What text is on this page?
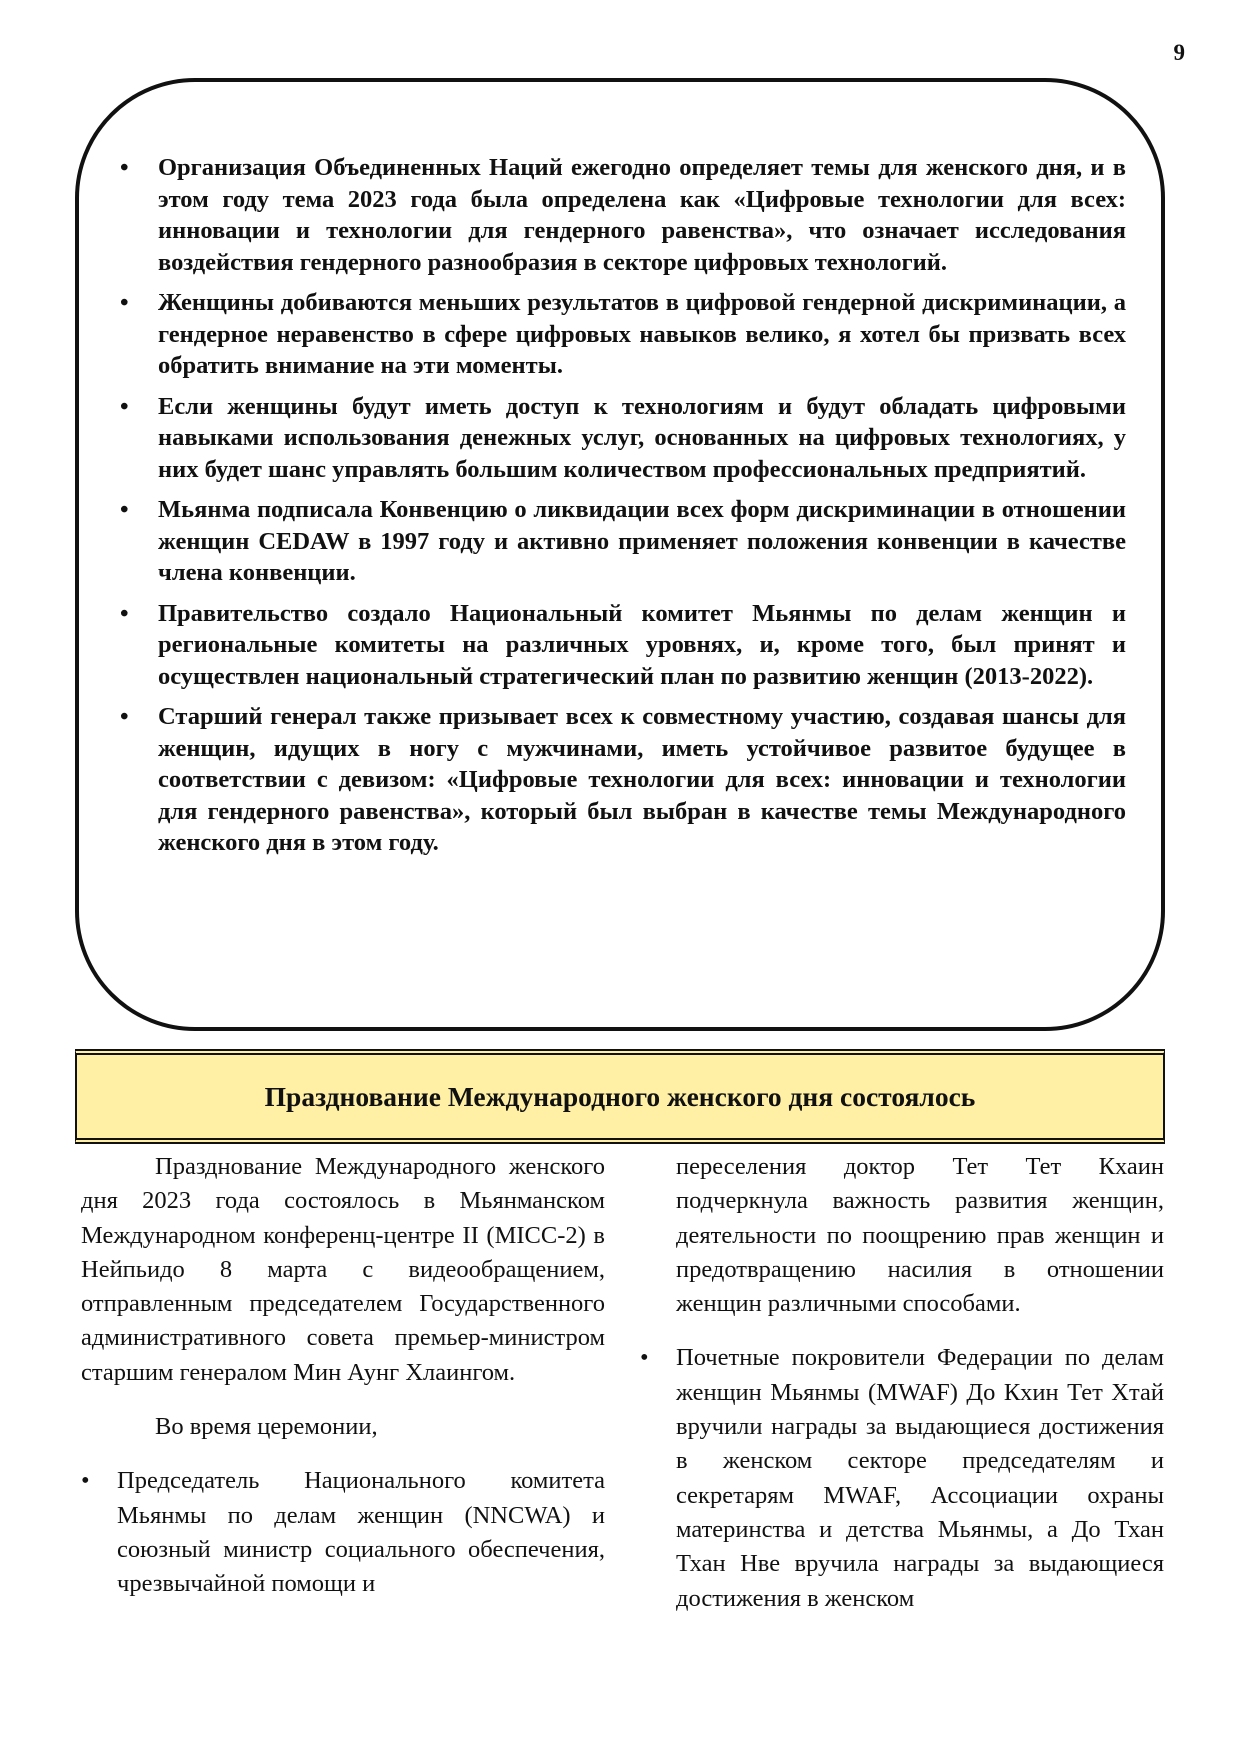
9
• Организация Объединенных Наций ежегодно определяет темы для женского дня, и в этом году тема 2023 года была определена как «Цифровые технологии для всех: инновации и технологии для гендерного равенства», что означает исследования воздействия гендерного разнообразия в секторе цифровых технологий.
• Женщины добиваются меньших результатов в цифровой гендерной дискриминации, а гендерное неравенство в сфере цифровых навыков велико, я хотел бы призвать всех обратить внимание на эти моменты.
• Если женщины будут иметь доступ к технологиям и будут обладать цифровыми навыками использования денежных услуг, основанных на цифровых технологиях, у них будет шанс управлять большим количеством профессиональных предприятий.
• Мьянма подписала Конвенцию о ликвидации всех форм дискриминации в отношении женщин CEDAW в 1997 году и активно применяет положения конвенции в качестве члена конвенции.
• Правительство создало Национальный комитет Мьянмы по делам женщин и региональные комитеты на различных уровнях, и, кроме того, был принят и осуществлен национальный стратегический план по развитию женщин (2013-2022).
• Старший генерал также призывает всех к совместному участию, создавая шансы для женщин, идущих в ногу с мужчинами, иметь устойчивое развитое будущее в соответствии с девизом: «Цифровые технологии для всех: инновации и технологии для гендерного равенства», который был выбран в качестве темы Международного женского дня в этом году.
Празднование Международного женского дня состоялось

Празднование Международного женского дня 2023 года состоялось в Мьянманском Международном конференц-центре II (MICC-2) в Нейпьидо 8 марта с видеообращением, отправленным председателем Государственного административного совета премьер-министром старшим генералом Мин Аунг Хлаингом.

Во время церемонии,

• Председатель Национального комитета Мьянмы по делам женщин (NNCWA) и союзный министр социального обеспечения, чрезвычайной помощи и

переселения доктор Тет Тет Кхаин подчеркнула важность развития женщин, деятельности по поощрению прав женщин и предотвращению насилия в отношении женщин различными способами.

• Почетные покровители Федерации по делам женщин Мьянмы (MWAF) До Кхин Тет Хтай вручили награды за выдающиеся достижения в женском секторе председателям и секретарям MWAF, Ассоциации охраны материнства и детства Мьянмы, а До Тхан Тхан Нве вручила награды за выдающиеся достижения в женском
